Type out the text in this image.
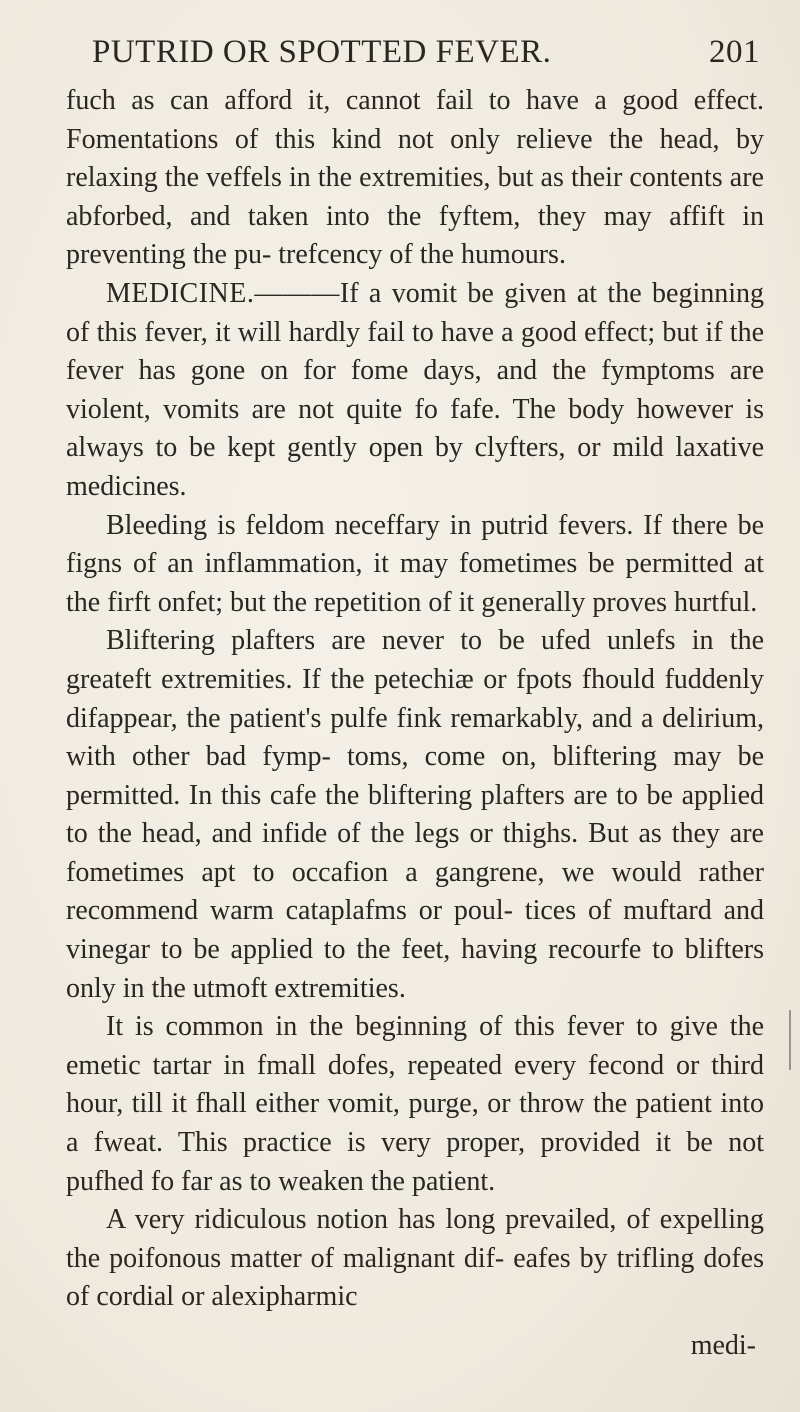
PUTRID OR SPOTTED FEVER.	201

fuch as can afford it, cannot fail to have a good effect. Fomentations of this kind not only relieve the head, by relaxing the veffels in the extremities, but as their contents are abforbed, and taken into the fyftem, they may affift in preventing the pu- trefcency of the humours.

MEDICINE.———If a vomit be given at the beginning of this fever, it will hardly fail to have a good effect; but if the fever has gone on for fome days, and the fymptoms are violent, vomits are not quite fo fafe. The body however is always to be kept gently open by clyfters, or mild laxative medicines.

Bleeding is feldom neceffary in putrid fevers. If there be figns of an inflammation, it may fometimes be permitted at the firft onfet; but the repetition of it generally proves hurtful.

Bliftering plafters are never to be ufed unlefs in the greateft extremities. If the petechiæ or fpots fhould fuddenly difappear, the patient's pulfe fink remarkably, and a delirium, with other bad fymp- toms, come on, bliftering may be permitted. In this cafe the bliftering plafters are to be applied to the head, and infide of the legs or thighs. But as they are fometimes apt to occafion a gangrene, we would rather recommend warm cataplafms or poul- tices of muftard and vinegar to be applied to the feet, having recourfe to blifters only in the utmoft extremities.

It is common in the beginning of this fever to give the emetic tartar in fmall dofes, repeated every fecond or third hour, till it fhall either vomit, purge, or throw the patient into a fweat. This practice is very proper, provided it be not pufhed fo far as to weaken the patient.

A very ridiculous notion has long prevailed, of expelling the poifonous matter of malignant dif- eafes by trifling dofes of cordial or alexipharmic

medi-
